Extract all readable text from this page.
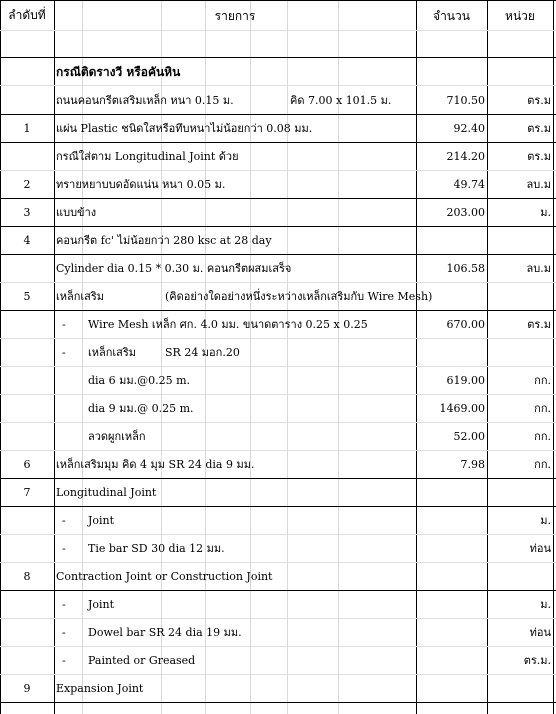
ลำดับที่	รายการ	จำนวน	หน่วย
กรณีติดรางวี หรือคันหิน
ถนนคอนกรีตเสริมเหล็ก หนา 0.15 ม.	คิด 7.00 x 101.5 ม.	710.50	ตร.ม
1	แผ่น Plastic ชนิดใสหรือทึบหนาไม่น้อยกว่า 0.08 มม.	92.40	ตร.ม
กรณีใส่ตาม Longitudinal Joint ด้วย	214.20	ตร.ม
2	ทรายหยาบบดอัดแน่น หนา 0.05 ม.	49.74	ลบ.ม
3	แบบข้าง	203.00	ม.
4	คอนกรีต fc' ไม่น้อยกว่า 280 ksc at 28 day
Cylinder dia 0.15 * 0.30 ม. คอนกรีตผสมเสร็จ	106.58	ลบ.ม
5	เหล็กเสริม	(คิดอย่างใดอย่างหนึ่งระหว่างเหล็กเสริมกับ Wire Mesh)
- Wire Mesh เหล็ก ศก. 4.0 มม. ขนาดตาราง 0.25 x 0.25	670.00	ตร.ม
- เหล็กเสริม	SR 24 มอก.20
dia 6 มม.@0.25 m.	619.00	กก.
dia 9 มม.@ 0.25 m.	1469.00	กก.
ลวดผูกเหล็ก	52.00	กก.
6	เหล็กเสริมมุม คิด 4 มุม SR 24 dia 9 มม.	7.98	กก.
7	Longitudinal Joint
- Joint	ม.
- Tie bar SD 30 dia 12 มม.	ท่อน
8	Contraction Joint or Construction Joint
- Joint	ม.
- Dowel bar SR 24 dia 19 มม.	ท่อน
- Painted or Greased	ตร.ม.
9	Expansion Joint
